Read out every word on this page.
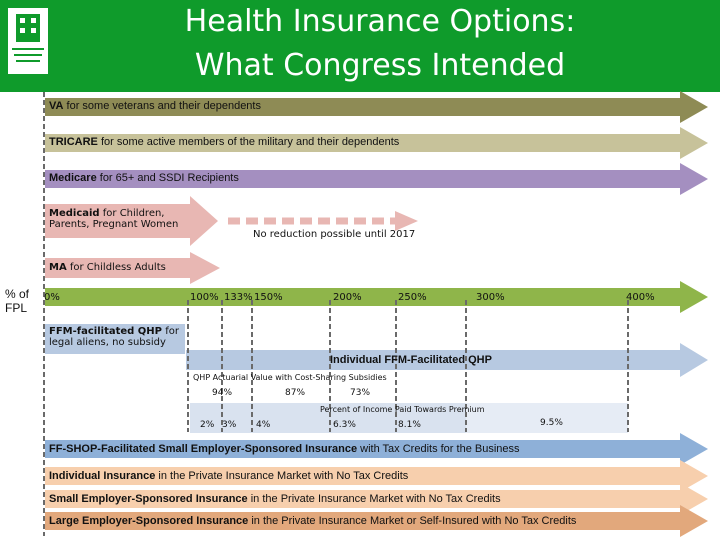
Health Insurance Options:
What Congress Intended
VA for some veterans and their dependents
TRICARE for some active members of the military and their dependents
Medicare for 65+ and SSDI Recipients
Medicaid for Children,
Parents, Pregnant Women
No reduction possible until 2017
MA for Childless Adults
% of
FPL
0%	100% 133% 150%	200%	250%	300%	400%
FFM-facilitated QHP for
legal aliens, no subsidy
Individual FFM-Facilitated QHP
QHP Actuarial Value with Cost-Sharing Subsidies
94%	87%	73%
Percent of Income Paid Towards Premium
2% 3% 4%	6.3%	8.1%	9.5%
FF-SHOP-Facilitated Small Employer-Sponsored Insurance with Tax Credits for the Business
Individual Insurance in the Private Insurance Market with No Tax Credits
Small Employer-Sponsored Insurance in the Private Insurance Market with No Tax Credits
Large Employer-Sponsored Insurance in the Private Insurance Market or Self-Insured with No Tax Credits
